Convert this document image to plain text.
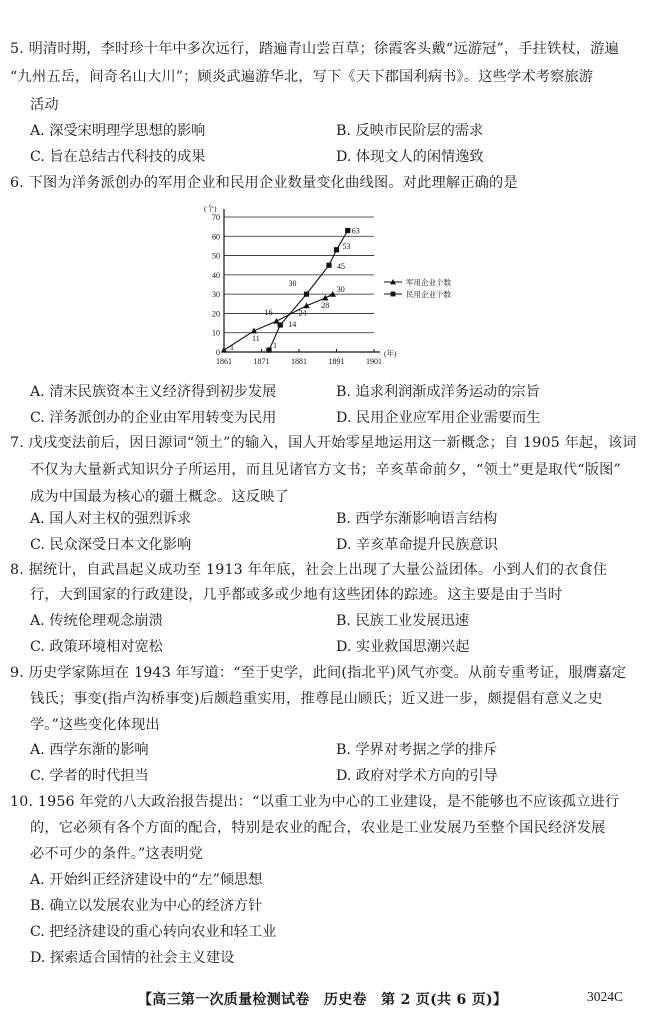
5. 明清时期，李时珍十年中多次远行，踏遍青山尝百草；徐霞客头戴“远游冠”，手拄铁杖，游遍
“九州五岳，间奇名山大川”；顾炎武遍游华北，写下《天下郡国利病书》。这些学术考察旅游
活动
A. 深受宋明理学思想的影响	B. 反映市民阶层的需求
C. 旨在总结古代科技的成果	D. 体现文人的闲情逸致
6. 下图为洋务派创办的军用企业和民用企业数量变化曲线图。对此理解正确的是
0
10
20
30
40
50
60
70
1861	1871	1881	1891	1901
(个)
(年)
1
11
16	24
28
30
1
14
30
45
53
63
军用企业个数
民用企业个数
A. 清末民族资本主义经济得到初步发展	B. 追求利润渐成洋务运动的宗旨
C. 洋务派创办的企业由军用转变为民用	D. 民用企业应军用企业需要而生
7. 戊戌变法前后，因日源词“领土”的输入，国人开始零星地运用这一新概念；自 1905 年起，该词
不仅为大量新式知识分子所运用，而且见诸官方文书；辛亥革命前夕，“领土”更是取代“版图”
成为中国最为核心的疆土概念。这反映了
A. 国人对主权的强烈诉求	B. 西学东渐影响语言结构
C. 民众深受日本文化影响	D. 辛亥革命提升民族意识
8. 据统计，自武昌起义成功至 1913 年年底，社会上出现了大量公益团体。小到人们的衣食住
行，大到国家的行政建设，几乎都或多或少地有这些团体的踪迹。这主要是由于当时
A. 传统伦理观念崩溃	B. 民族工业发展迅速
C. 政策环境相对宽松	D. 实业救国思潮兴起
9. 历史学家陈垣在 1943 年写道：“至于史学，此间(指北平)风气亦变。从前专重考证，服膺嘉定
钱氏；事变(指卢沟桥事变)后颇趋重实用，推尊昆山顾氏；近又进一步，颇提倡有意义之史
学。”这些变化体现出
A. 西学东渐的影响	B. 学界对考据之学的排斥
C. 学者的时代担当	D. 政府对学术方向的引导
10. 1956 年党的八大政治报告提出：“以重工业为中心的工业建设，是不能够也不应该孤立进行
的，它必须有各个方面的配合，特别是农业的配合，农业是工业发展乃至整个国民经济发展
必不可少的条件。”这表明党
A. 开始纠正经济建设中的“左”倾思想
B. 确立以发展农业为中心的经济方针
C. 把经济建设的重心转向农业和轻工业
D. 探索适合国情的社会主义建设
【高三第一次质量检测试卷　历史卷　第 2 页(共 6 页)】	3024C
